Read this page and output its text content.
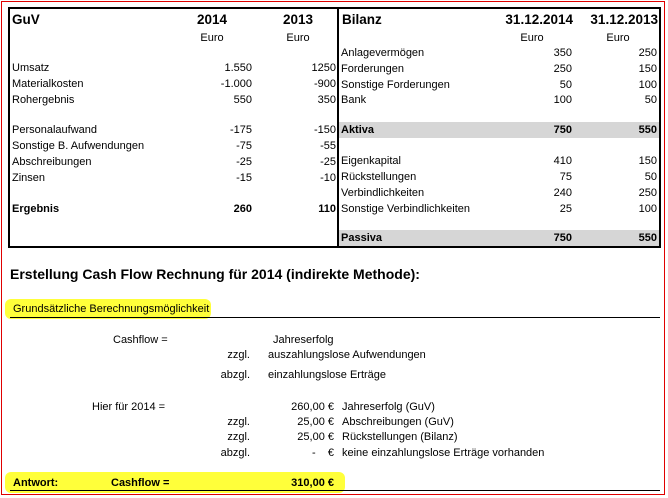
GuV	2014	2013
Euro	Euro
Umsatz	1.550	1250
Materialkosten	-1.000	-900
Rohergebnis	550	350
Personalaufwand	-175	-150
Sonstige B. Aufwendungen	-75	-55
Abschreibungen	-25	-25
Zinsen	-15	-10
Ergebnis	260	110
Bilanz	31.12.2014	31.12.2013
Euro	Euro
Anlagevermögen	350	250
Forderungen	250	150
Sonstige Forderungen	50	100
Bank	100	50
Aktiva	750	550
Eigenkapital	410	150
Rückstellungen	75	50
Verbindlichkeiten	240	250
Sonstige Verbindlichkeiten	25	100
Passiva	750	550
Erstellung Cash Flow Rechnung für 2014 (indirekte Methode):
Grundsätzliche Berechnungsmöglichkeit
Cashflow =	Jahreserfolg
zzgl. auszahlungslose Aufwendungen
abzgl. einzahlungslose Erträge
Hier für 2014 =	260,00 € Jahreserfolg (GuV)
zzgl.	25,00 € Abschreibungen (GuV)
zzgl.	25,00 € Rückstellungen (Bilanz)
abzgl.	-    € keine einzahlungslose Erträge vorhanden
Antwort:	Cashflow =	310,00 €
